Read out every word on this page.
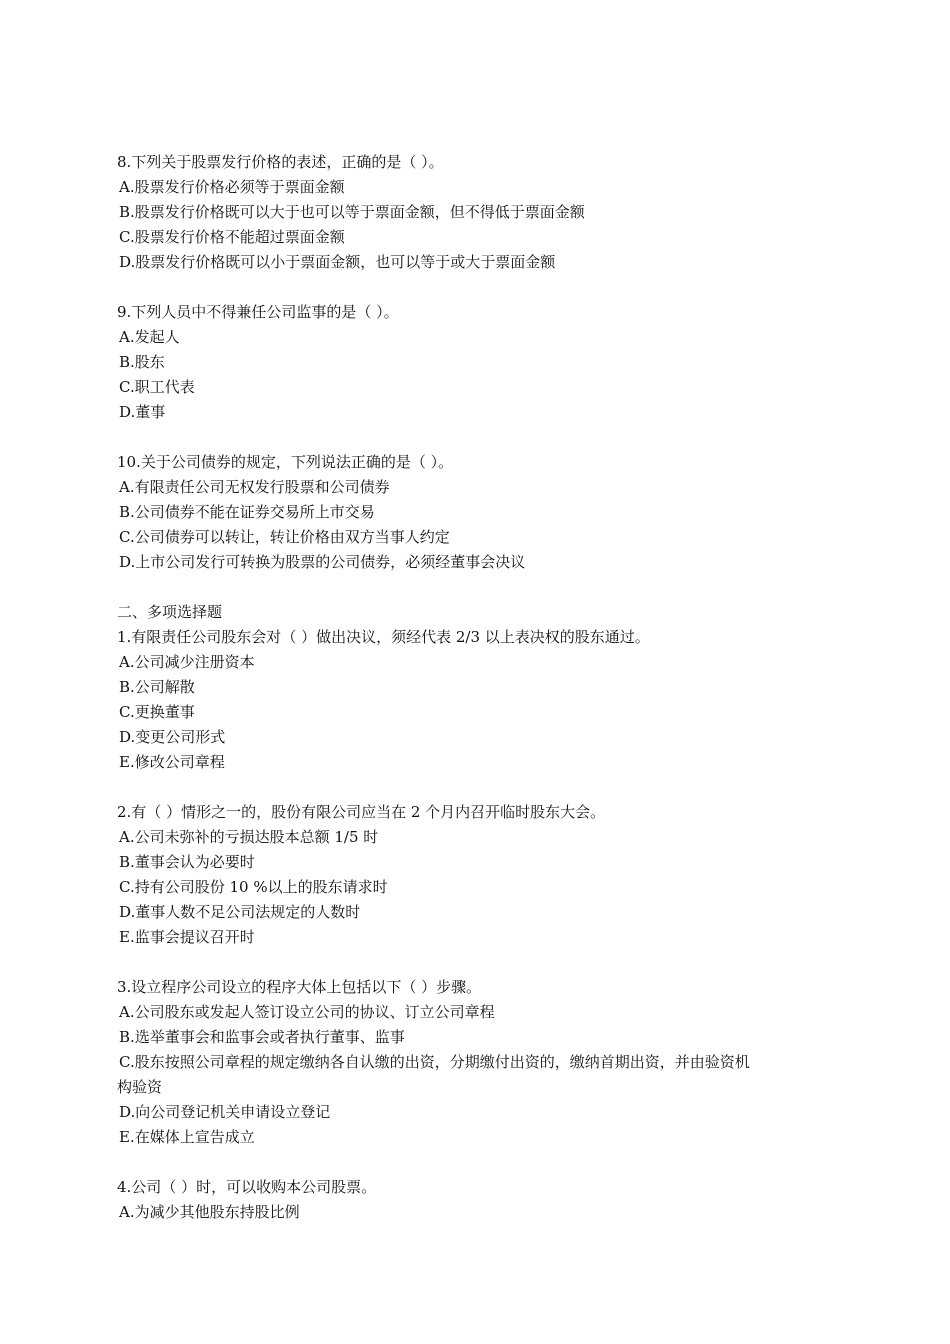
8.下列关于股票发行价格的表述，正确的是（ ）。
A.股票发行价格必须等于票面金额
B.股票发行价格既可以大于也可以等于票面金额，但不得低于票面金额
C.股票发行价格不能超过票面金额
D.股票发行价格既可以小于票面金额，也可以等于或大于票面金额
9.下列人员中不得兼任公司监事的是（ ）。
A.发起人
B.股东
C.职工代表
D.董事
10.关于公司债券的规定，下列说法正确的是（ ）。
A.有限责任公司无权发行股票和公司债券
B.公司债券不能在证券交易所上市交易
C.公司债券可以转让，转让价格由双方当事人约定
D.上市公司发行可转换为股票的公司债券，必须经董事会决议
二、多项选择题
1.有限责任公司股东会对（ ）做出决议，须经代表 2/3 以上表决权的股东通过。
A.公司减少注册资本
B.公司解散
C.更换董事
D.变更公司形式
E.修改公司章程
2.有（ ）情形之一的，股份有限公司应当在 2 个月内召开临时股东大会。
A.公司未弥补的亏损达股本总额 1/5 时
B.董事会认为必要时
C.持有公司股份 10 %以上的股东请求时
D.董事人数不足公司法规定的人数时
E.监事会提议召开时
3.设立程序公司设立的程序大体上包括以下（ ）步骤。
A.公司股东或发起人签订设立公司的协议、订立公司章程
B.选举董事会和监事会或者执行董事、监事
C.股东按照公司章程的规定缴纳各自认缴的出资，分期缴付出资的，缴纳首期出资，并由验资机
构验资
D.向公司登记机关申请设立登记
E.在媒体上宣告成立
4.公司（ ）时，可以收购本公司股票。
A.为减少其他股东持股比例
